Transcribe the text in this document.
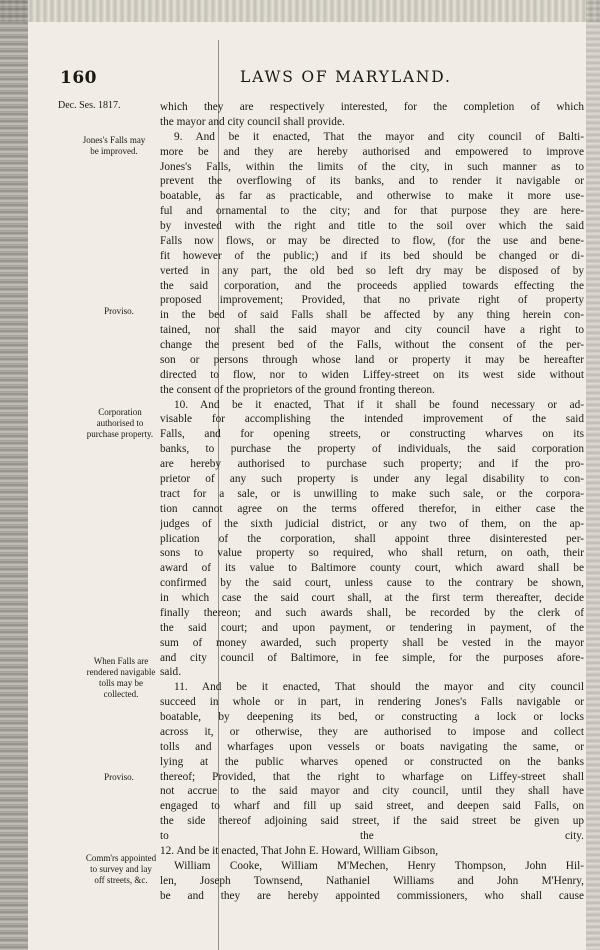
160	LAWS OF MARYLAND.
Dec. Ses. 1817.
Jones's Falls may be improved.
Proviso.
Corporation authorised to purchase property.
When Falls are rendered navigable tolls may be collected.
Proviso.
Comm'rs appointed to survey and lay off streets, &c.
which they are respectively interested, for the completion of which
the mayor and city council shall provide.
9. And be it enacted, That the mayor and city council of Balti-
more be and they are hereby authorised and empowered to improve
Jones's Falls, within the limits of the city, in such manner as to
prevent the overflowing of its banks, and to render it navigable or
boatable, as far as practicable, and otherwise to make it more use-
ful and ornamental to the city; and for that purpose they are here-
by invested with the right and title to the soil over which the said
Falls now flows, or may be directed to flow, (for the use and bene-
fit however of the public;) and if its bed should be changed or di-
verted in any part, the old bed so left dry may be disposed of by
the said corporation, and the proceeds applied towards effecting the
proposed improvement; Provided, that no private right of property
in the bed of said Falls shall be affected by any thing herein con-
tained, nor shall the said mayor and city council have a right to
change the present bed of the Falls, without the consent of the per-
son or persons through whose land or property it may be hereafter
directed to flow, nor to widen Liffey-street on its west side without
the consent of the proprietors of the ground fronting thereon.
10. And be it enacted, That if it shall be found necessary or ad-
visable for accomplishing the intended improvement of the said
Falls, and for opening streets, or constructing wharves on its
banks, to purchase the property of individuals, the said corporation
are hereby authorised to purchase such property; and if the pro-
prietor of any such property is under any legal disability to con-
tract for a sale, or is unwilling to make such sale, or the corpora-
tion cannot agree on the terms offered therefor, in either case the
judges of the sixth judicial district, or any two of them, on the ap-
plication of the corporation, shall appoint three disinterested per-
sons to value property so required, who shall return, on oath, their
award of its value to Baltimore county court, which award shall be
confirmed by the said court, unless cause to the contrary be shown,
in which case the said court shall, at the first term thereafter, decide
finally thereon; and such awards shall, be recorded by the clerk of
the said court; and upon payment, or tendering in payment, of the
sum of money awarded, such property shall be vested in the mayor
and city council of Baltimore, in fee simple, for the purposes afore-
said.
11. And be it enacted, That should the mayor and city council
succeed in whole or in part, in rendering Jones's Falls navigable or
boatable, by deepening its bed, or constructing a lock or locks
across it, or otherwise, they are authorised to impose and collect
tolls and wharfages upon vessels or boats navigating the same, or
lying at the public wharves opened or constructed on the banks
thereof; Provided, that the right to wharfage on Liffey-street shall
not accrue to the said mayor and city council, until they shall have
engaged to wharf and fill up said street, and deepen said Falls, on
the side thereof adjoining said street, if the said street be given up
to the city.
12. And be it enacted, That John E. Howard, William Gibson,
William Cooke, William M'Mechen, Henry Thompson, John Hil-
len, Joseph Townsend, Nathaniel Williams and John M'Henry,
be and they are hereby appointed commissioners, who shall cause
